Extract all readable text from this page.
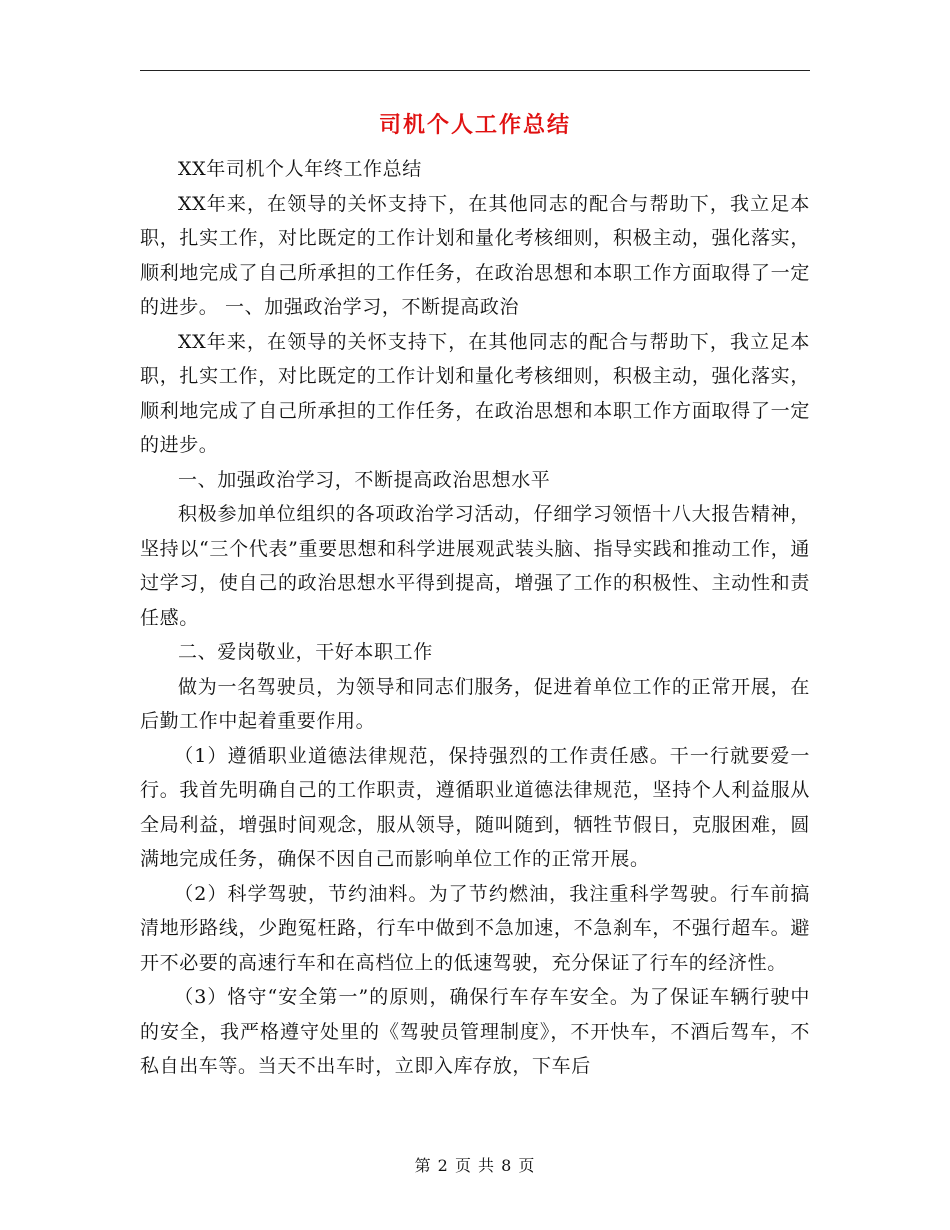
司机个人工作总结

XX年司机个人年终工作总结

XX年来，在领导的关怀支持下，在其他同志的配合与帮助下，我立足本职，扎实工作，对比既定的工作计划和量化考核细则，积极主动，强化落实，顺利地完成了自己所承担的工作任务，在政治思想和本职工作方面取得了一定的进步。 一、加强政治学习，不断提高政治

XX年来，在领导的关怀支持下，在其他同志的配合与帮助下，我立足本职，扎实工作，对比既定的工作计划和量化考核细则，积极主动，强化落实，顺利地完成了自己所承担的工作任务，在政治思想和本职工作方面取得了一定的进步。

一、加强政治学习，不断提高政治思想水平

积极参加单位组织的各项政治学习活动，仔细学习领悟十八大报告精神，坚持以“三个代表”重要思想和科学进展观武装头脑、指导实践和推动工作，通过学习，使自己的政治思想水平得到提高，增强了工作的积极性、主动性和责任感。

二、爱岗敬业，干好本职工作

做为一名驾驶员，为领导和同志们服务，促进着单位工作的正常开展，在后勤工作中起着重要作用。

（1）遵循职业道德法律规范，保持强烈的工作责任感。干一行就要爱一行。我首先明确自己的工作职责，遵循职业道德法律规范，坚持个人利益服从全局利益，增强时间观念，服从领导，随叫随到，牺牲节假日，克服困难，圆满地完成任务，确保不因自己而影响单位工作的正常开展。

（2）科学驾驶，节约油料。为了节约燃油，我注重科学驾驶。行车前搞清地形路线，少跑冤枉路，行车中做到不急加速，不急刹车，不强行超车。避开不必要的高速行车和在高档位上的低速驾驶，充分保证了行车的经济性。

（3）恪守“安全第一”的原则，确保行车存车安全。为了保证车辆行驶中的安全，我严格遵守处里的《驾驶员管理制度》，不开快车，不酒后驾车，不私自出车等。当天不出车时，立即入库存放，下车后

第 2 页 共 8 页
